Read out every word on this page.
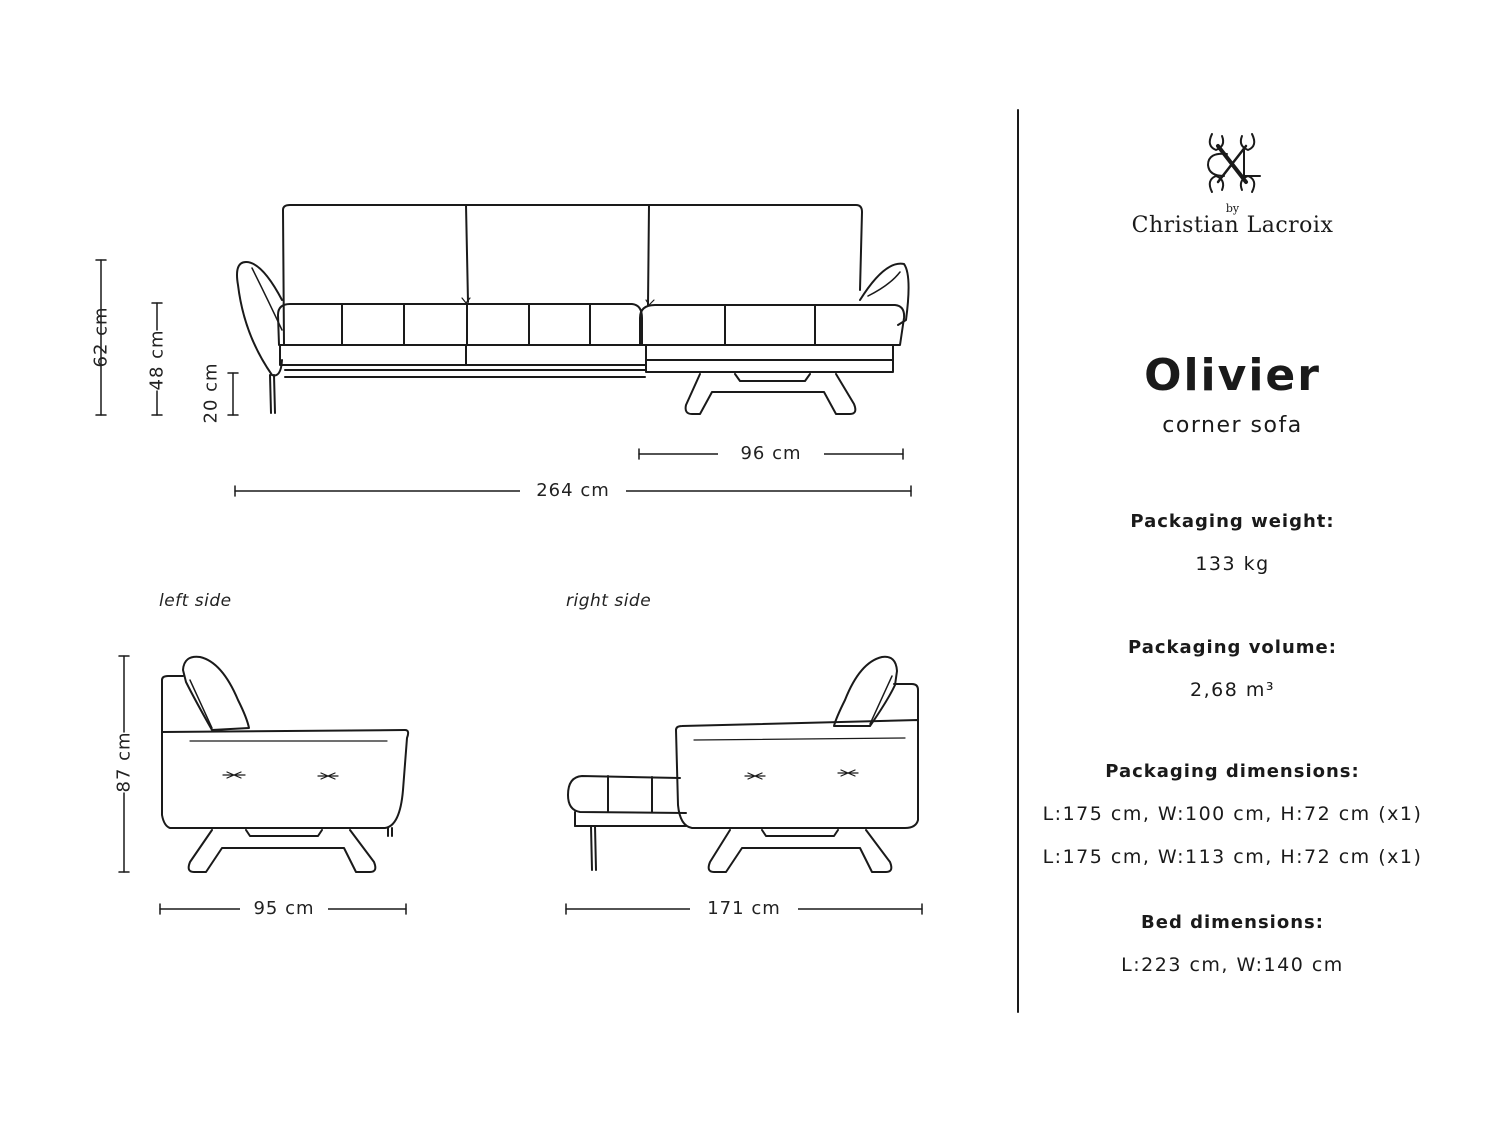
62 cm 48 cm
20 cm
96 cm
264 cm
left side	right side
87 cm
95 cm	171 cm
by
Christian Lacroix
Olivier
corner sofa
Packaging weight:
133 kg
Packaging volume:
2,68 m³
Packaging dimensions:
L:175 cm, W:100 cm, H:72 cm (x1)
L:175 cm, W:113 cm, H:72 cm (x1)
Bed dimensions:
L:223 cm, W:140 cm
